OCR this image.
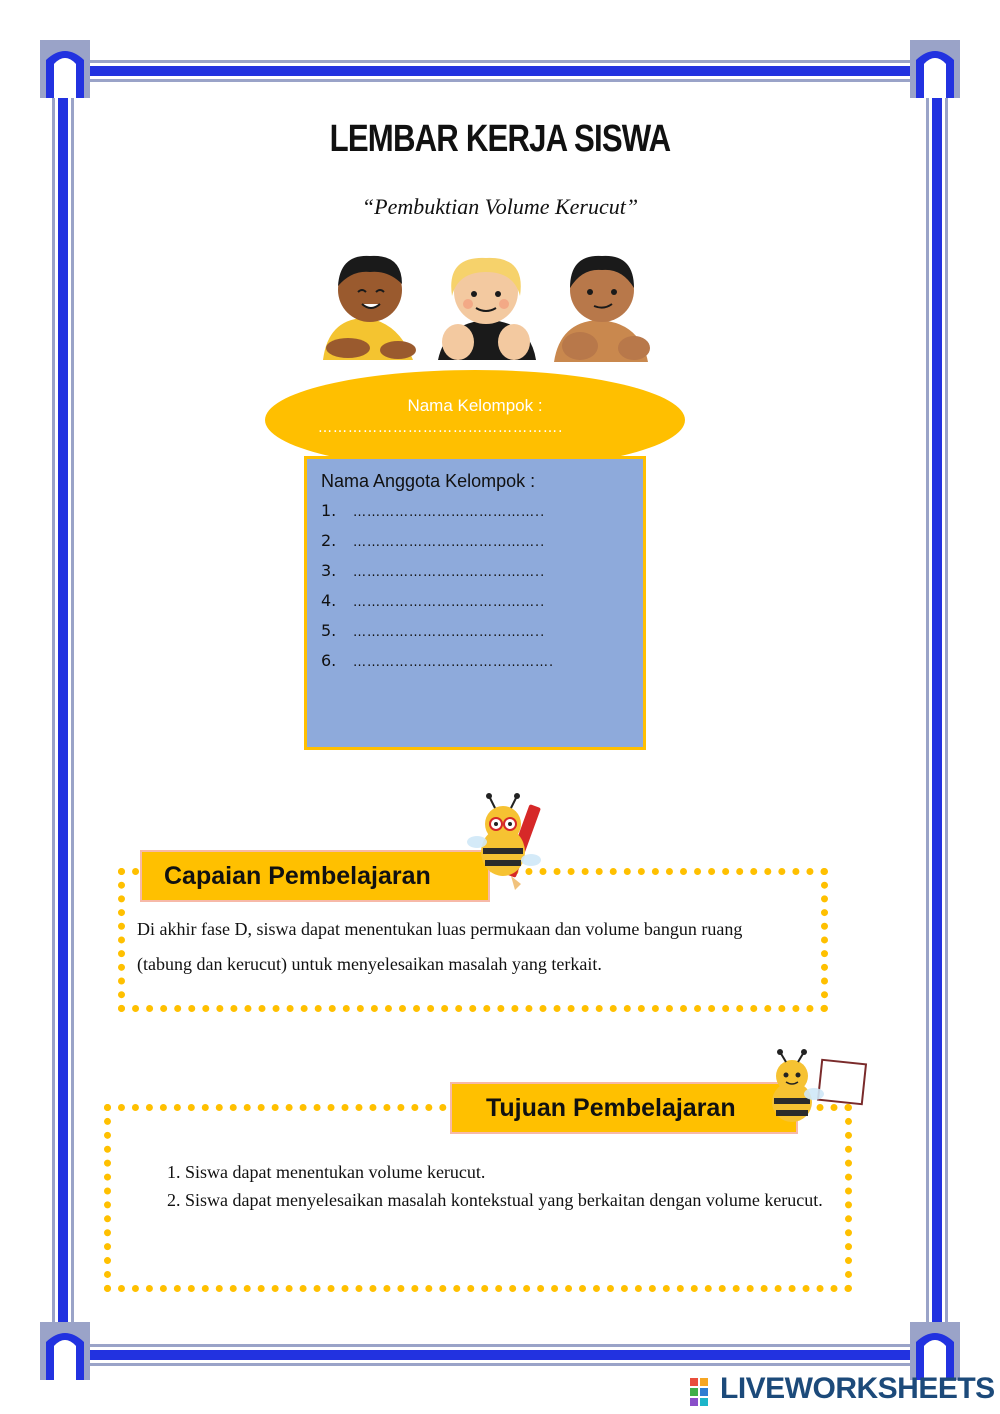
LEMBAR KERJA SISWA
“Pembuktian Volume Kerucut”
Nama Kelompok :
………………………………………….
Nama Anggota Kelompok :
1. …………………………………..
2. …………………………………..
3. …………………………………..
4. …………………………………..
5. …………………………………..
6. …………………………………….
Capaian Pembelajaran
Di akhir fase D, siswa dapat menentukan luas permukaan dan volume bangun ruang
(tabung dan kerucut) untuk menyelesaikan masalah yang terkait.
Tujuan Pembelajaran
1. Siswa dapat menentukan volume kerucut.
2. Siswa dapat menyelesaikan masalah kontekstual yang berkaitan dengan volume kerucut.
LIVEWORKSHEETS
